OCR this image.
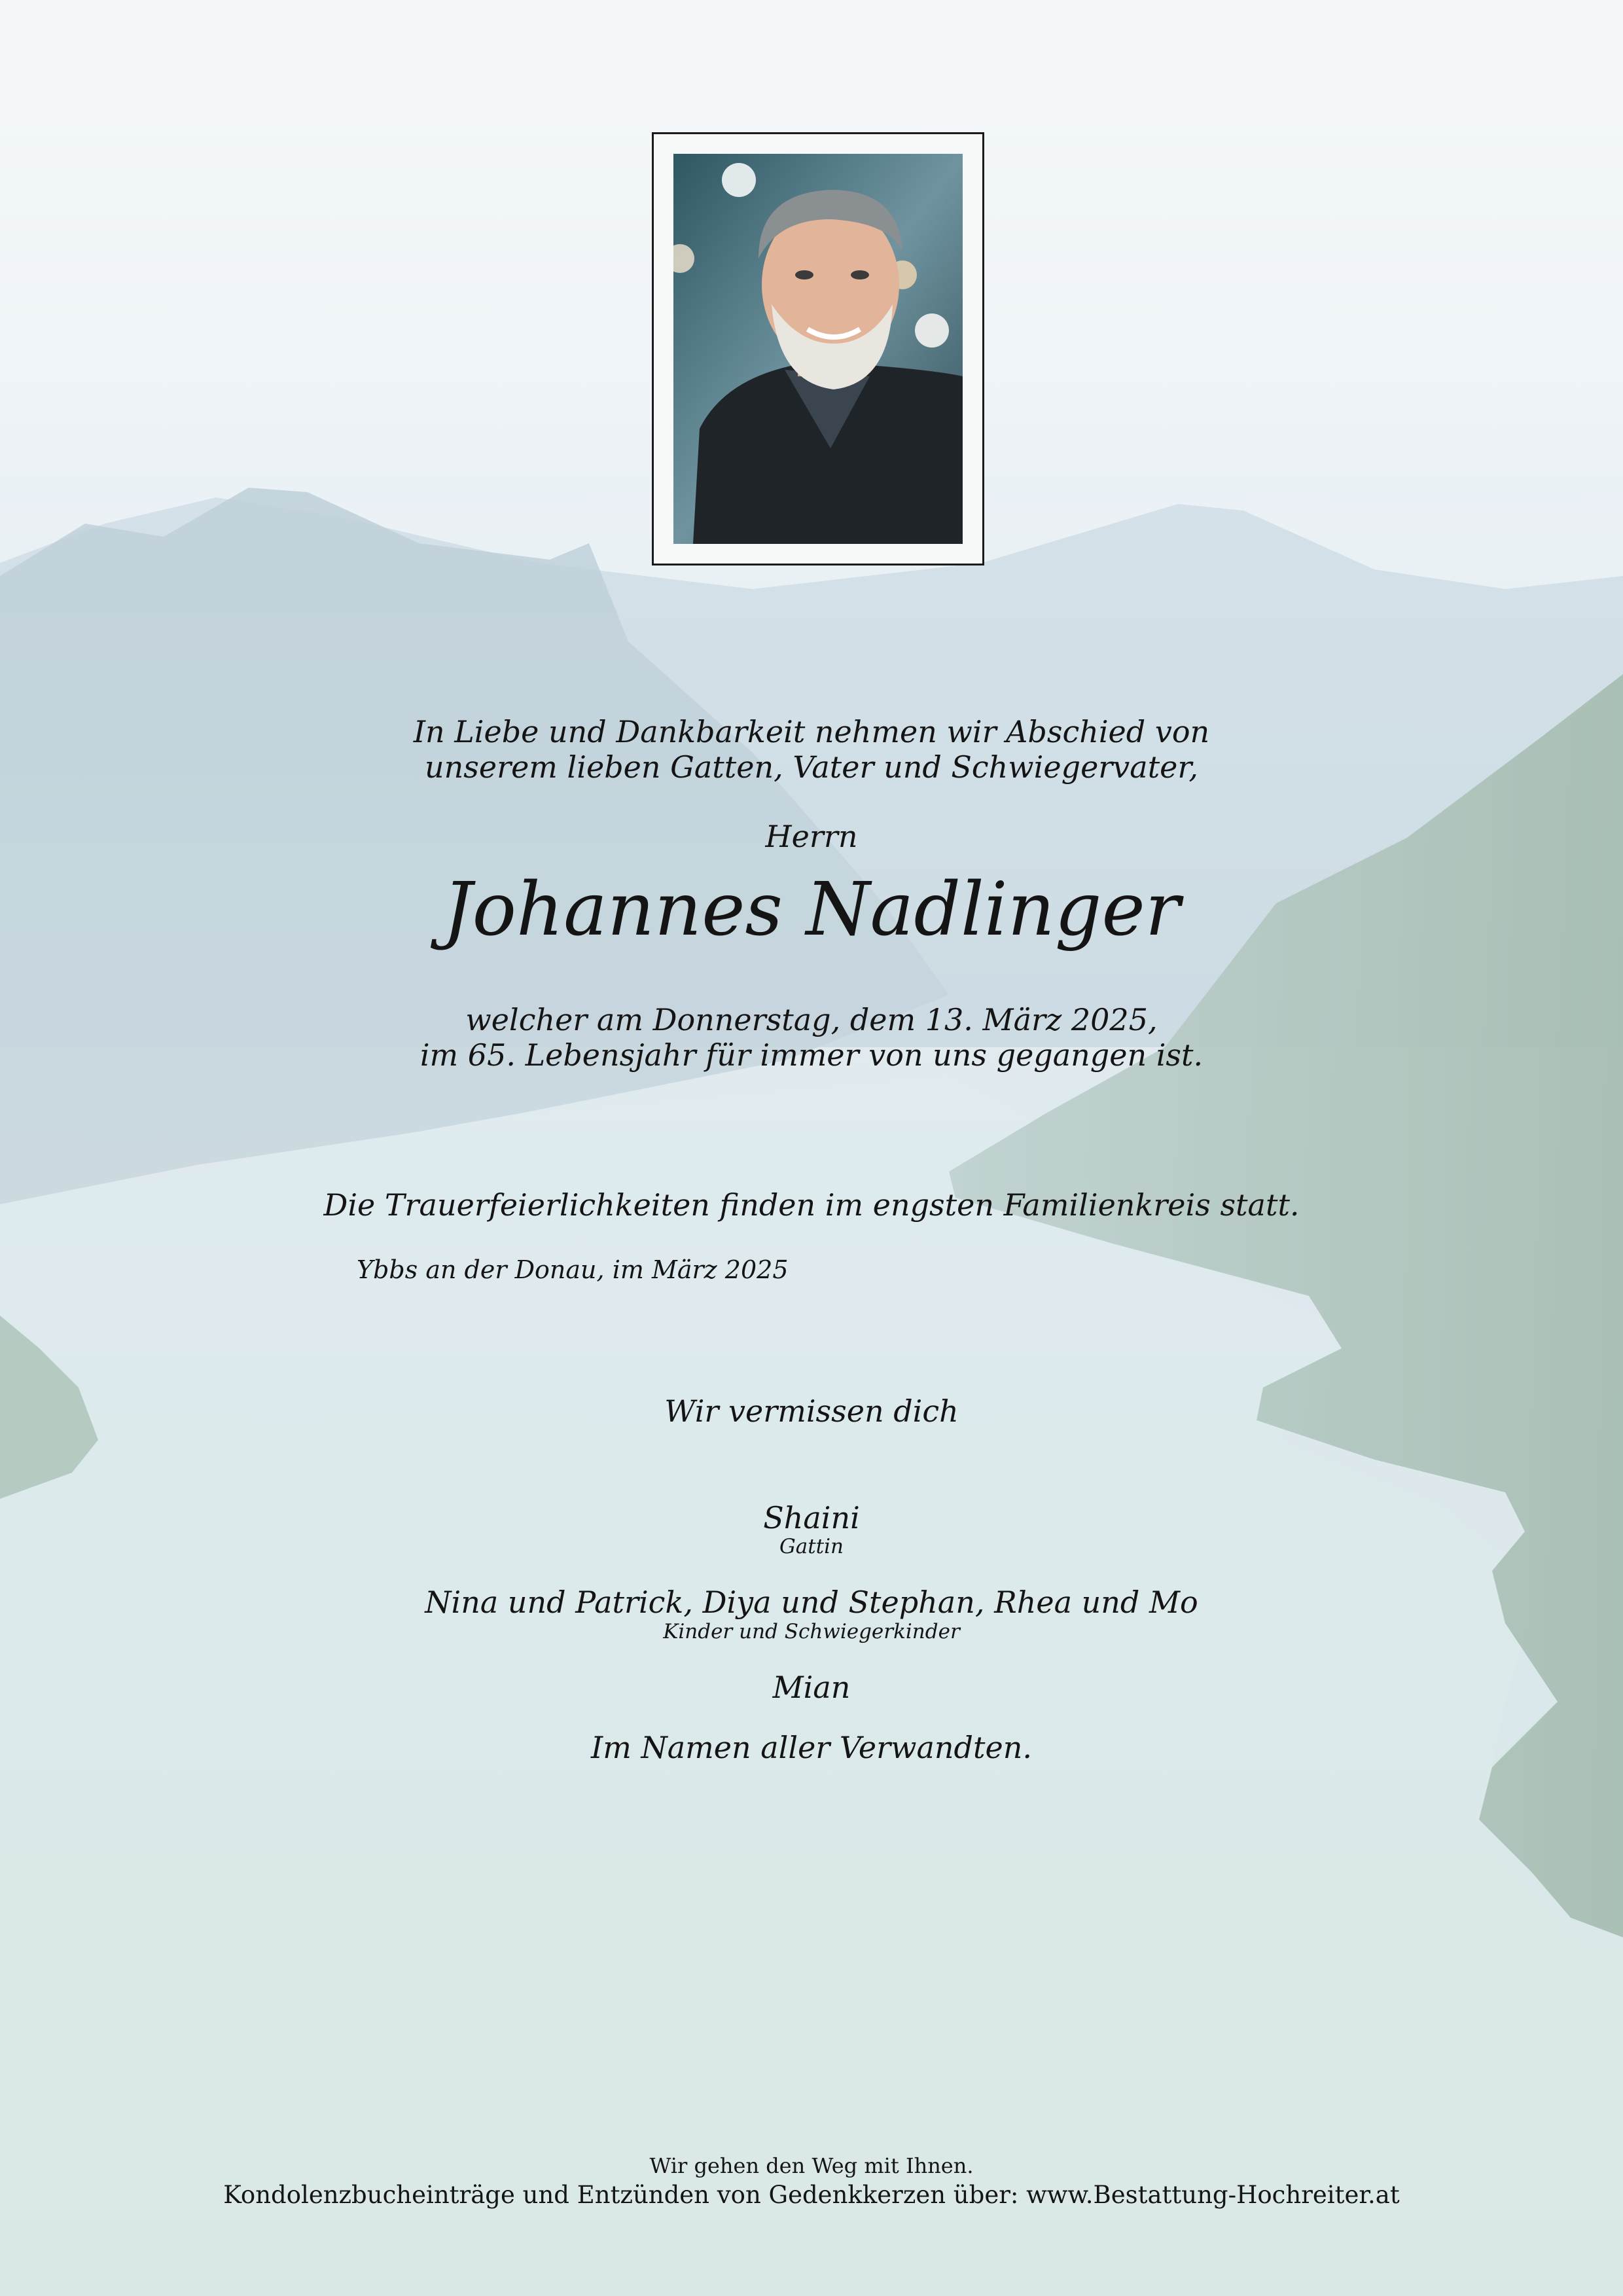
In Liebe und Dankbarkeit nehmen wir Abschied von
unserem lieben Gatten, Vater und Schwiegervater,
Herrn
Johannes Nadlinger
welcher am Donnerstag, dem 13. März 2025,
im 65. Lebensjahr für immer von uns gegangen ist.
Die Trauerfeierlichkeiten finden im engsten Familienkreis statt.
Ybbs an der Donau, im März 2025
Wir vermissen dich
Shaini
Gattin
Nina und Patrick, Diya und Stephan, Rhea und Mo
Kinder und Schwiegerkinder
Mian
Im Namen aller Verwandten.
Wir gehen den Weg mit Ihnen.
Kondolenzbucheinträge und Entzünden von Gedenkkerzen über: www.Bestattung-Hochreiter.at
